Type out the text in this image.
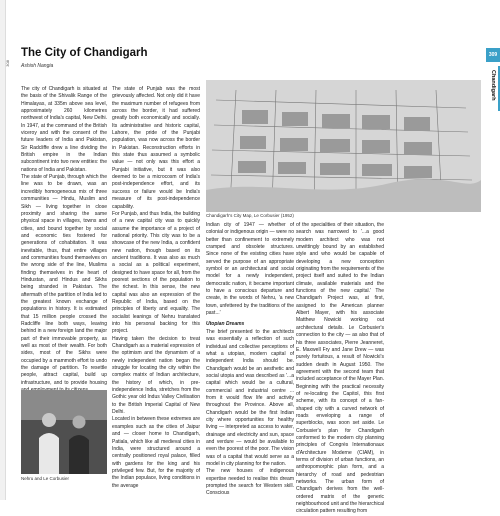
308
309
Chandigarh
The City of Chandigarh
Ashish Nangia

The city of Chandigarh is situated at the basis of the Shivalik Range of the Himalayas, at 335m above sea level, approximately 260 kilometres northwest of India's capital, New Delhi. In 1947, at the command of the British viceroy and with the consent of the future leaders of India and Pakistan, Sir Radcliffe drew a line dividing the British empire in the Indian subcontinent into two new entities: the nations of India and Pakistan.

The state of Punjab, through which the line was to be drawn, was an incredibly homogeneous mix of three communities — Hindu, Muslim and Sikh — living together in close proximity and sharing the same physical space in villages, towns and cities, and bound together by social and economic ties fostered for generations of cohabitation. It was inevitable, thus, that entire villages and communities found themselves on the wrong side of the line, Muslims finding themselves in the heart of Hindustan, and Hindus and Sikhs being stranded in Pakistan. The aftermath of the partition of India led to the greatest known exchange of populations in history. It is estimated that 15 million people crossed the Radcliffe line both ways, leaving behind in a new foreign land the major part of their immovable property, as well as most of their wealth. For both sides, most of the Sikhs were occupied by a mammoth effort to undo the damage of partition. To resettle people, attract capital, build up infrastructure, and to provide housing

The state of Punjab was the most grievously affected. Not only did it have the maximum number of refugees from across the border, it had suffered greatly both economically and socially. Its administrative and historic capital, Lahore, the pride of the Punjabi population, was now across the border in Pakistan. Reconstruction efforts in this state thus assumed a symbolic value — not only was this effort a Punjabi initiative, but it was also deemed to be a microcosm of India's post-independence effort, and its success or failure would be India's measure of its post-independence capability.

For Punjab, and thus India, the building of a new capital city was to quickly assume the importance of a project of national priority. This city was to be a showcase of the new India, a confident new nation, though based on its ancient traditions. It was also as much a social as a political experiment, designed to have space for all, from the poorest sections of the population to the richest. In this sense, the new capital was also an expression of the Republic of India, based on the principles of liberty and equality. The socialist leanings of Nehru translated into his personal backing for this project.

Having taken the decision to treat Chandigarh as a material expression of the optimism and the dynamism of a newly independent nation began the struggle for locating the city within the complex matrix of Indian architecture, the history of which, in pre-independence India, stretches from the Gothic year old Indus Valley Civilisation to the British Imperial Capital of New Delhi.

Located in between these extremes are examples such as the cities of Jaipur and — closer home to Chandigarh, Patiala, which like all medieval cities in India, were structured around a centrally positioned royal palace, filled with gardens for the king and his privileged few. But, for the majority of the Indian populace, living conditions in the average

Chandigarh's City Map, Le Corbusier (1952)

Indian city of 1947 — whether of colonial or indigenous origin — were no better than confinement to extremely cramped and obsolete structures. Since none of the existing cities have served the purpose of an appropriate symbol or an architectural and social model for a newly independent, democratic nation, it became important to have a conscious departure and create, in the words of Nehru, 'a new town, unfettered by the traditions of the past...'

Utopian Dreams

The brief presented to the architects was essentially a reflection of such individual and collective perceptions of what a utopian, modern capital of independent India should be. Chandigarh would be an aesthetic and social utopia and was described as '...a capital which would be a cultural, commercial and industrial centre ... from it would flow life and activity throughout the Province. Above all, Chandigarh would be the first Indian city where opportunities for healthy living — interpreted as access to water, drainage and electricity and sun, space and verdure — would be available to even the poorest of the poor. The vision was of a capital that would serve as a model in city planning for the nation.

The new houses of indigenous expertise needed to realise this dream prompted the search for Western skill. Conscious

of the specialities of their situation, the search was narrowed to '...a good modern architect who was not unwittingly bound by an established style and who would be capable of developing a new conception originating from the requirements of the project itself and suited to the Indian climate, available materials and the functions of the new capital.' The Chandigarh Project was, at first, assigned to the American planner Albert Mayer, with his associate Matthew Nowicki working out architectural details. Le Corbusier's connection to the city — as also that of his three associates, Pierre Jeanneret, E. Maxwell Fry and Jane Drew — was purely fortuitous, a result of Nowicki's sudden death in August 1950. The agreement with the second team that included acceptance of the Mayer Plan. Beginning with the practical necessity of re-locating the Capitol, this first scheme, with its concept of a fan-shaped city with a curved network of roads enveloping a range of superblocks, was soon set aside. Le Corbusier's plan for Chandigarh conformed to the modern city planning principles of Congrès Internationaux d'Architecture Moderne (CIAM), in terms of division of urban functions, an anthropomorphic plan form, and a hierarchy of road and pedestrian networks. The urban form of Chandigarh derives from the well-ordered matrix of the generic neighbourhood unit and the hierarchical circulation pattern resulting from

Nehru and Le Corbusier
